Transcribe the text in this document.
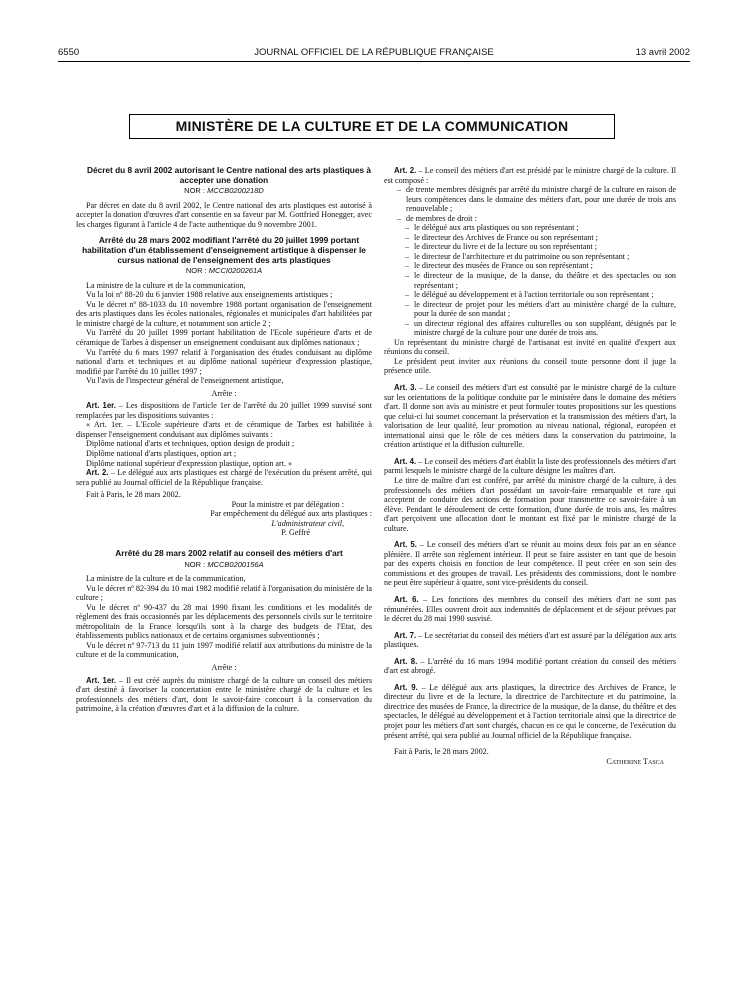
6550	JOURNAL OFFICIEL DE LA RÉPUBLIQUE FRANÇAISE	13 avril 2002
MINISTÈRE DE LA CULTURE ET DE LA COMMUNICATION

Décret du 8 avril 2002 autorisant le Centre national des arts plastiques à accepter une donation

NOR : MCCB0200218D

Par décret en date du 8 avril 2002, le Centre national des arts plastiques est autorisé à accepter la donation d'œuvres d'art consentie en sa faveur par M. Gottfried Honegger, avec les charges figurant à l'article 4 de l'acte authentique du 9 novembre 2001.

Arrêté du 28 mars 2002 modifiant l'arrêté du 20 juillet 1999 portant habilitation d'un établissement d'enseignement artistique à dispenser le cursus national de l'enseignement des arts plastiques

NOR : MCCI0200261A

La ministre de la culture et de la communication,

Vu la loi nº 88-20 du 6 janvier 1988 relative aux enseignements artistiques ;

Vu le décret nº 88-1033 du 10 novembre 1988 portant organisation de l'enseignement des arts plastiques dans les écoles nationales, régionales et municipales d'art habilitées par le ministre chargé de la culture, et notamment son article 2 ;

Vu l'arrêté du 20 juillet 1999 portant habilitation de l'Ecole supérieure d'arts et de céramique de Tarbes à dispenser un enseignement conduisant aux diplômes nationaux ;

Vu l'arrêté du 6 mars 1997 relatif à l'organisation des études conduisant au diplôme national d'arts et techniques et au diplôme national supérieur d'expression plastique, modifié par l'arrêté du 10 juillet 1997 ;

Vu l'avis de l'inspecteur général de l'enseignement artistique,

Arrête :

Art. 1er. – Les dispositions de l'article 1er de l'arrêté du 20 juillet 1999 susvisé sont remplacées par les dispositions suivantes :

« Art. 1er. – L'Ecole supérieure d'arts et de céramique de Tarbes est habilitée à dispenser l'enseignement conduisant aux diplômes suivants :

Diplôme national d'arts et techniques, option design de produit ;

Diplôme national d'arts plastiques, option art ;

Diplôme national supérieur d'expression plastique, option art. »

Art. 2. – Le délégué aux arts plastiques est chargé de l'exécution du présent arrêté, qui sera publié au Journal officiel de la République française.

Fait à Paris, le 28 mars 2002.

Pour la ministre et par délégation :

Par empêchement du délégué aux arts plastiques :

L'administrateur civil,

P. Geffré

Arrêté du 28 mars 2002 relatif au conseil des métiers d'art

NOR : MCCB0200156A

La ministre de la culture et de la communication,

Vu le décret nº 82-394 du 10 mai 1982 modifié relatif à l'organisation du ministère de la culture ;

Vu le décret nº 90-437 du 28 mai 1990 fixant les conditions et les modalités de règlement des frais occasionnés par les déplacements des personnels civils sur le territoire métropolitain de la France lorsqu'ils sont à la charge des budgets de l'Etat, des établissements publics nationaux et de certains organismes subventionnés ;

Vu le décret nº 97-713 du 11 juin 1997 modifié relatif aux attributions du ministre de la culture et de la communication,

Arrête :

Art. 1er. – Il est créé auprès du ministre chargé de la culture un conseil des métiers d'art destiné à favoriser la concertation entre le ministère chargé de la culture et les professionnels des métiers d'art, dont le savoir-faire concourt à la conservation du patrimoine, à la création d'œuvres d'art et à la diffusion de la culture.

Art. 2. – Le conseil des métiers d'art est présidé par le ministre chargé de la culture. Il est composé :

– de trente membres désignés par arrêté du ministre chargé de la culture en raison de leurs compétences dans le domaine des métiers d'art, pour une durée de trois ans renouvelable ;
– de membres de droit :
– le délégué aux arts plastiques ou son représentant ;
– le directeur des Archives de France ou son représentant ;
– le directeur du livre et de la lecture ou son représentant ;
– le directeur de l'architecture et du patrimoine ou son représentant ;
– le directeur des musées de France ou son représentant ;
– le directeur de la musique, de la danse, du théâtre et des spectacles ou son représentant ;
– le délégué au développement et à l'action territoriale ou son représentant ;
– le directeur de projet pour les métiers d'art au ministère chargé de la culture, pour la durée de son mandat ;
– un directeur régional des affaires culturelles ou son suppléant, désignés par le ministre chargé de la culture pour une durée de trois ans.

Un représentant du ministre chargé de l'artisanat est invité en qualité d'expert aux réunions du conseil.

Le président peut inviter aux réunions du conseil toute personne dont il juge la présence utile.

Art. 3. – Le conseil des métiers d'art est consulté par le ministre chargé de la culture sur les orientations de la politique conduite par le ministère dans le domaine des métiers d'art. Il donne son avis au ministre et peut formuler toutes propositions sur les questions que celui-ci lui soumet concernant la préservation et la transmission des métiers d'art, la valorisation de leur qualité, leur promotion au niveau national, régional, européen et international ainsi que le rôle de ces métiers dans la conservation du patrimoine, la création artistique et la diffusion culturelle.

Art. 4. – Le conseil des métiers d'art établit la liste des professionnels des métiers d'art parmi lesquels le ministre chargé de la culture désigne les maîtres d'art.

Le titre de maître d'art est conféré, par arrêté du ministre chargé de la culture, à des professionnels des métiers d'art possédant un savoir-faire remarquable et rare qui acceptent de conduire des actions de formation pour transmettre ce savoir-faire à un élève. Pendant le déroulement de cette formation, d'une durée de trois ans, les maîtres d'art perçoivent une allocation dont le montant est fixé par le ministre chargé de la culture.

Art. 5. – Le conseil des métiers d'art se réunit au moins deux fois par an en séance plénière. Il arrête son règlement intérieur. Il peut se faire assister en tant que de besoin par des experts choisis en fonction de leur compétence. Il peut créer en son sein des commissions et des groupes de travail. Les présidents des commissions, dont le nombre ne peut être supérieur à quatre, sont vice-présidents du conseil.

Art. 6. – Les fonctions des membres du conseil des métiers d'art ne sont pas rémunérées. Elles ouvrent droit aux indemnités de déplacement et de séjour prévues par le décret du 28 mai 1990 susvisé.

Art. 7. – Le secrétariat du conseil des métiers d'art est assuré par la délégation aux arts plastiques.

Art. 8. – L'arrêté du 16 mars 1994 modifié portant création du conseil des métiers d'art est abrogé.

Art. 9. – Le délégué aux arts plastiques, la directrice des Archives de France, le directeur du livre et de la lecture, la directrice de l'architecture et du patrimoine, la directrice des musées de France, la directrice de la musique, de la danse, du théâtre et des spectacles, le délégué au développement et à l'action territoriale ainsi que la directrice de projet pour les métiers d'art sont chargés, chacun en ce qui le concerne, de l'exécution du présent arrêté, qui sera publié au Journal officiel de la République française.

Fait à Paris, le 28 mars 2002.

Catherine Tasca
